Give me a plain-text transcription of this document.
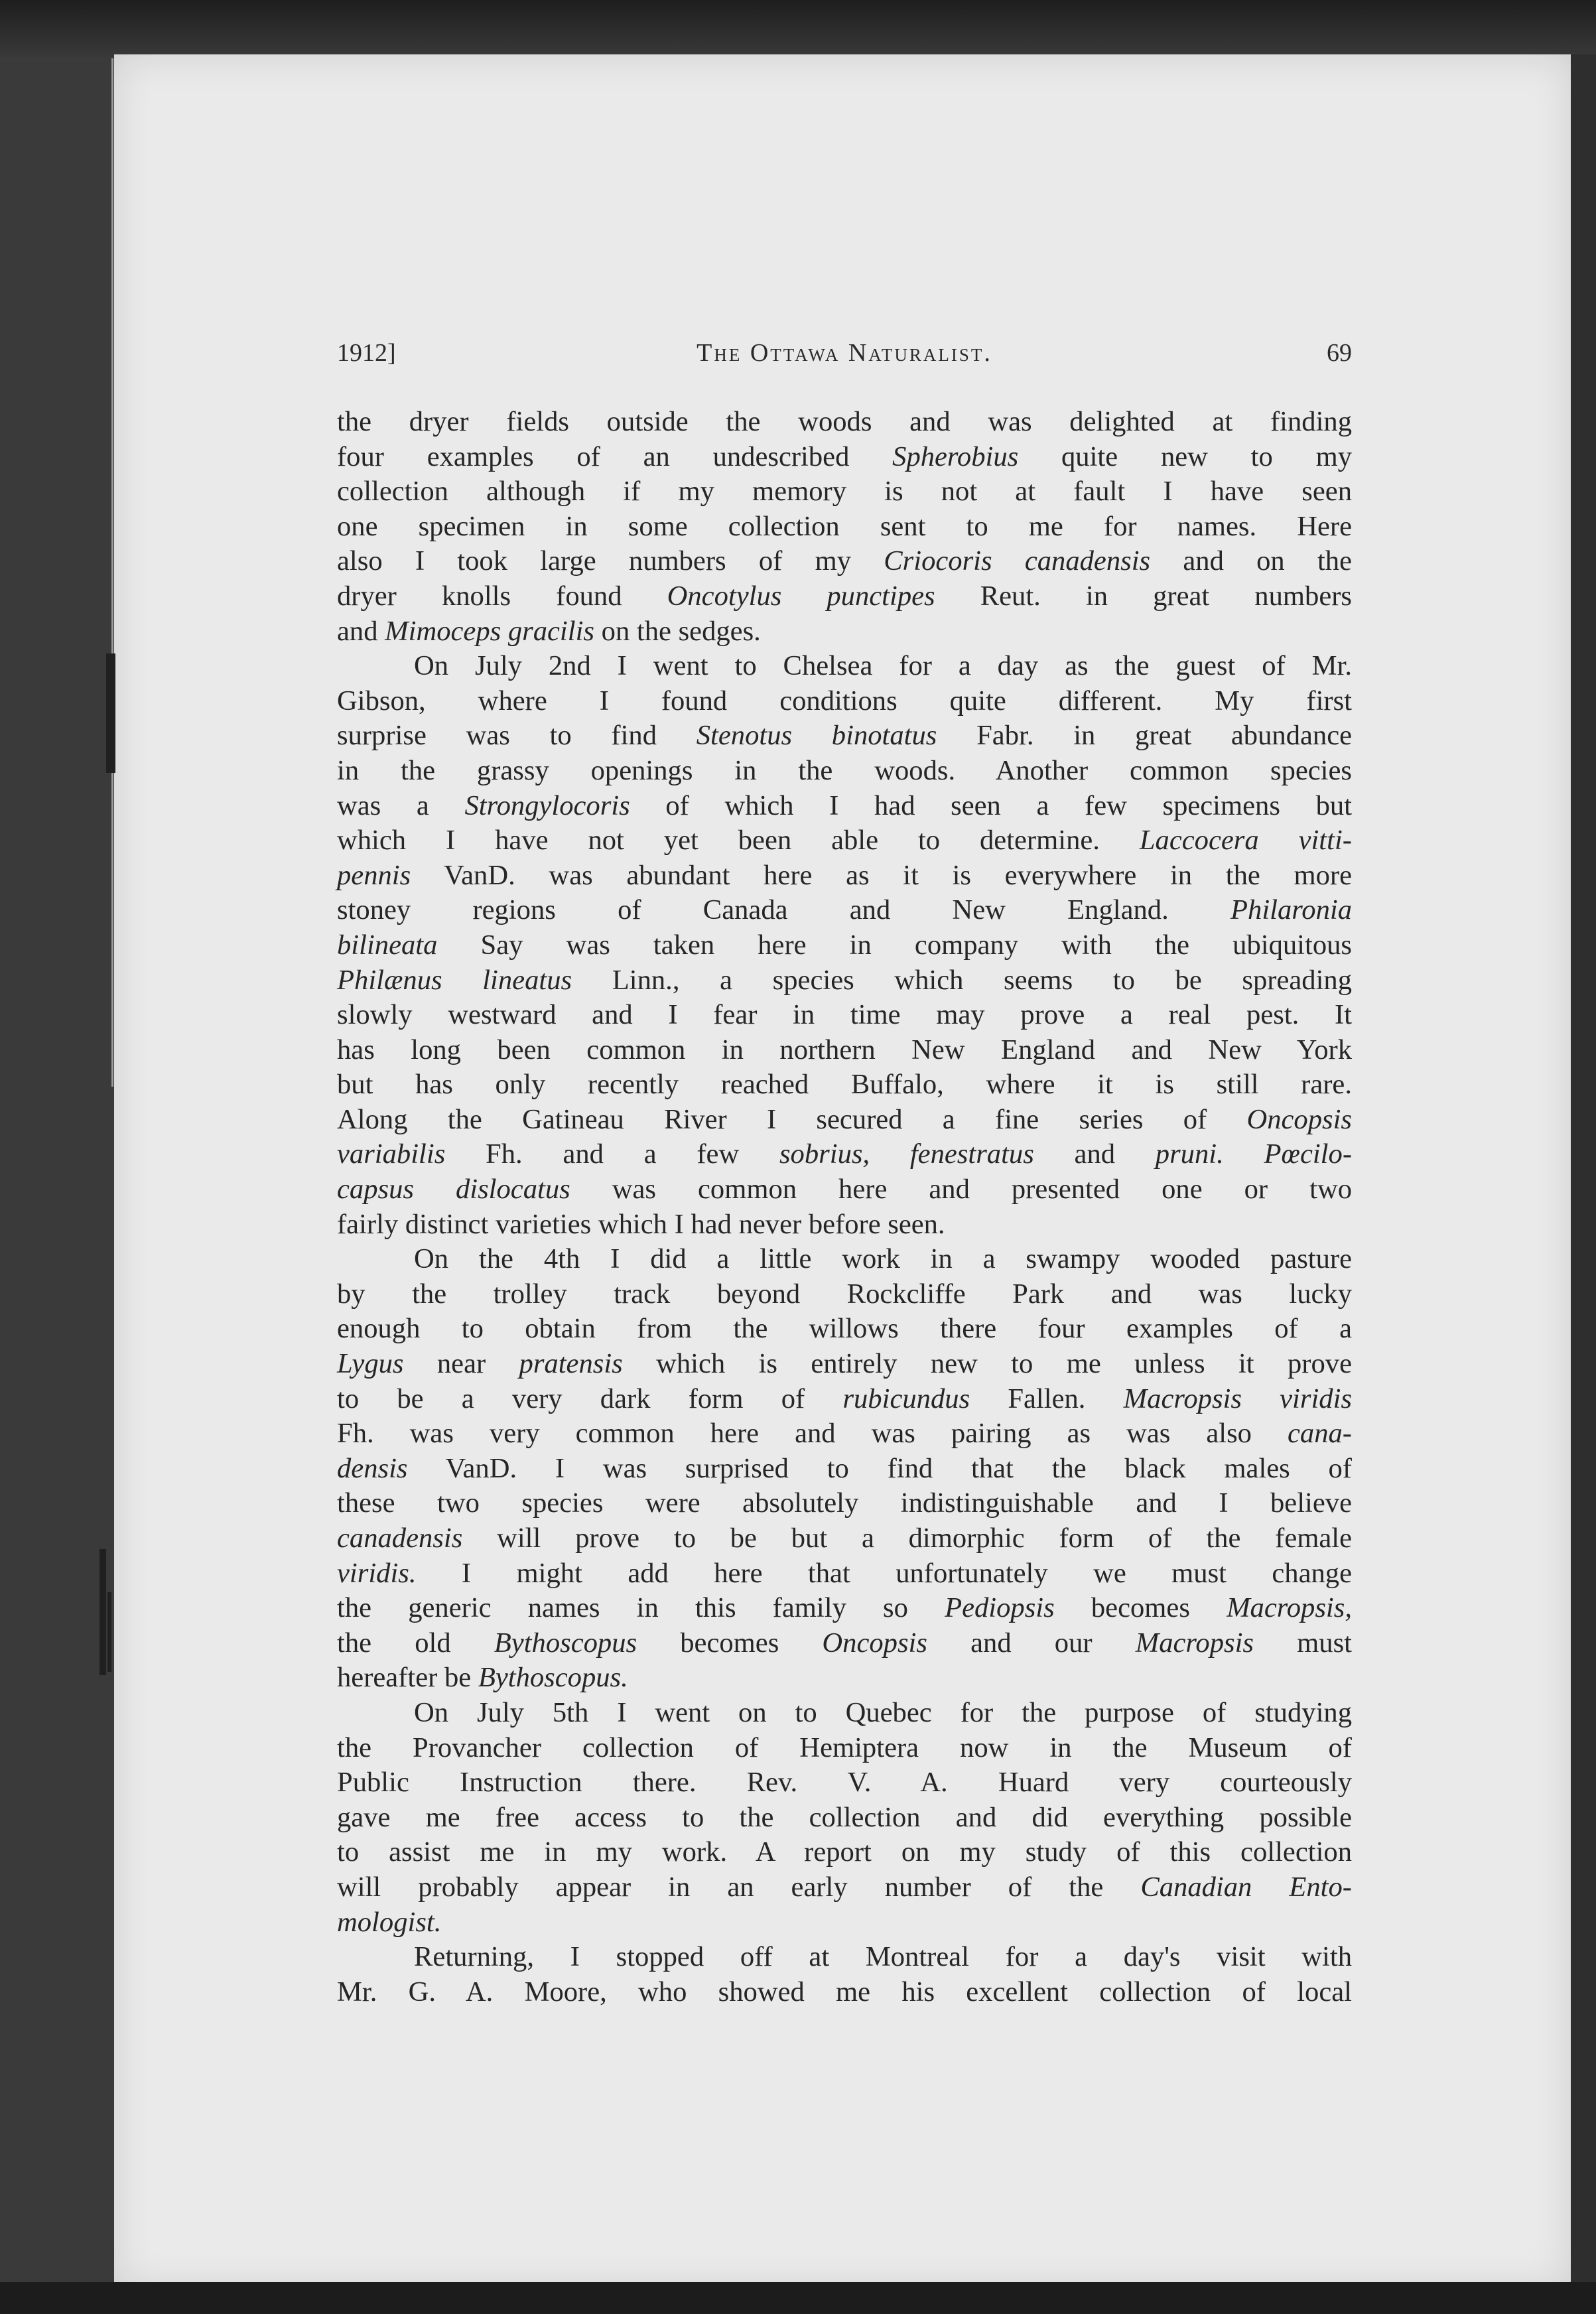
1912]	The Ottawa Naturalist.	69
the dryer fields outside the woods and was delighted at finding
four examples of an undescribed Spherobius quite new to my
collection although if my memory is not at fault I have seen
one specimen in some collection sent to me for names. Here
also I took large numbers of my Criocoris canadensis and on the
dryer knolls found Oncotylus punctipes Reut. in great numbers
and Mimoceps gracilis on the sedges.
On July 2nd I went to Chelsea for a day as the guest of Mr.
Gibson, where I found conditions quite different. My first
surprise was to find Stenotus binotatus Fabr. in great abundance
in the grassy openings in the woods. Another common species
was a Strongylocoris of which I had seen a few specimens but
which I have not yet been able to determine. Laccocera vitti-
pennis VanD. was abundant here as it is everywhere in the more
stoney regions of Canada and New England. Philaronia
bilineata Say was taken here in company with the ubiquitous
Philænus lineatus Linn., a species which seems to be spreading
slowly westward and I fear in time may prove a real pest. It
has long been common in northern New England and New York
but has only recently reached Buffalo, where it is still rare.
Along the Gatineau River I secured a fine series of Oncopsis
variabilis Fh. and a few sobrius, fenestratus and pruni. Pœcilo-
capsus dislocatus was common here and presented one or two
fairly distinct varieties which I had never before seen.
On the 4th I did a little work in a swampy wooded pasture
by the trolley track beyond Rockcliffe Park and was lucky
enough to obtain from the willows there four examples of a
Lygus near pratensis which is entirely new to me unless it prove
to be a very dark form of rubicundus Fallen. Macropsis viridis
Fh. was very common here and was pairing as was also cana-
densis VanD. I was surprised to find that the black males of
these two species were absolutely indistinguishable and I believe
canadensis will prove to be but a dimorphic form of the female
viridis. I might add here that unfortunately we must change
the generic names in this family so Pediopsis becomes Macropsis,
the old Bythoscopus becomes Oncopsis and our Macropsis must
hereafter be Bythoscopus.
On July 5th I went on to Quebec for the purpose of studying
the Provancher collection of Hemiptera now in the Museum of
Public Instruction there. Rev. V. A. Huard very courteously
gave me free access to the collection and did everything possible
to assist me in my work. A report on my study of this collection
will probably appear in an early number of the Canadian Ento-
mologist.
Returning, I stopped off at Montreal for a day's visit with
Mr. G. A. Moore, who showed me his excellent collection of local
